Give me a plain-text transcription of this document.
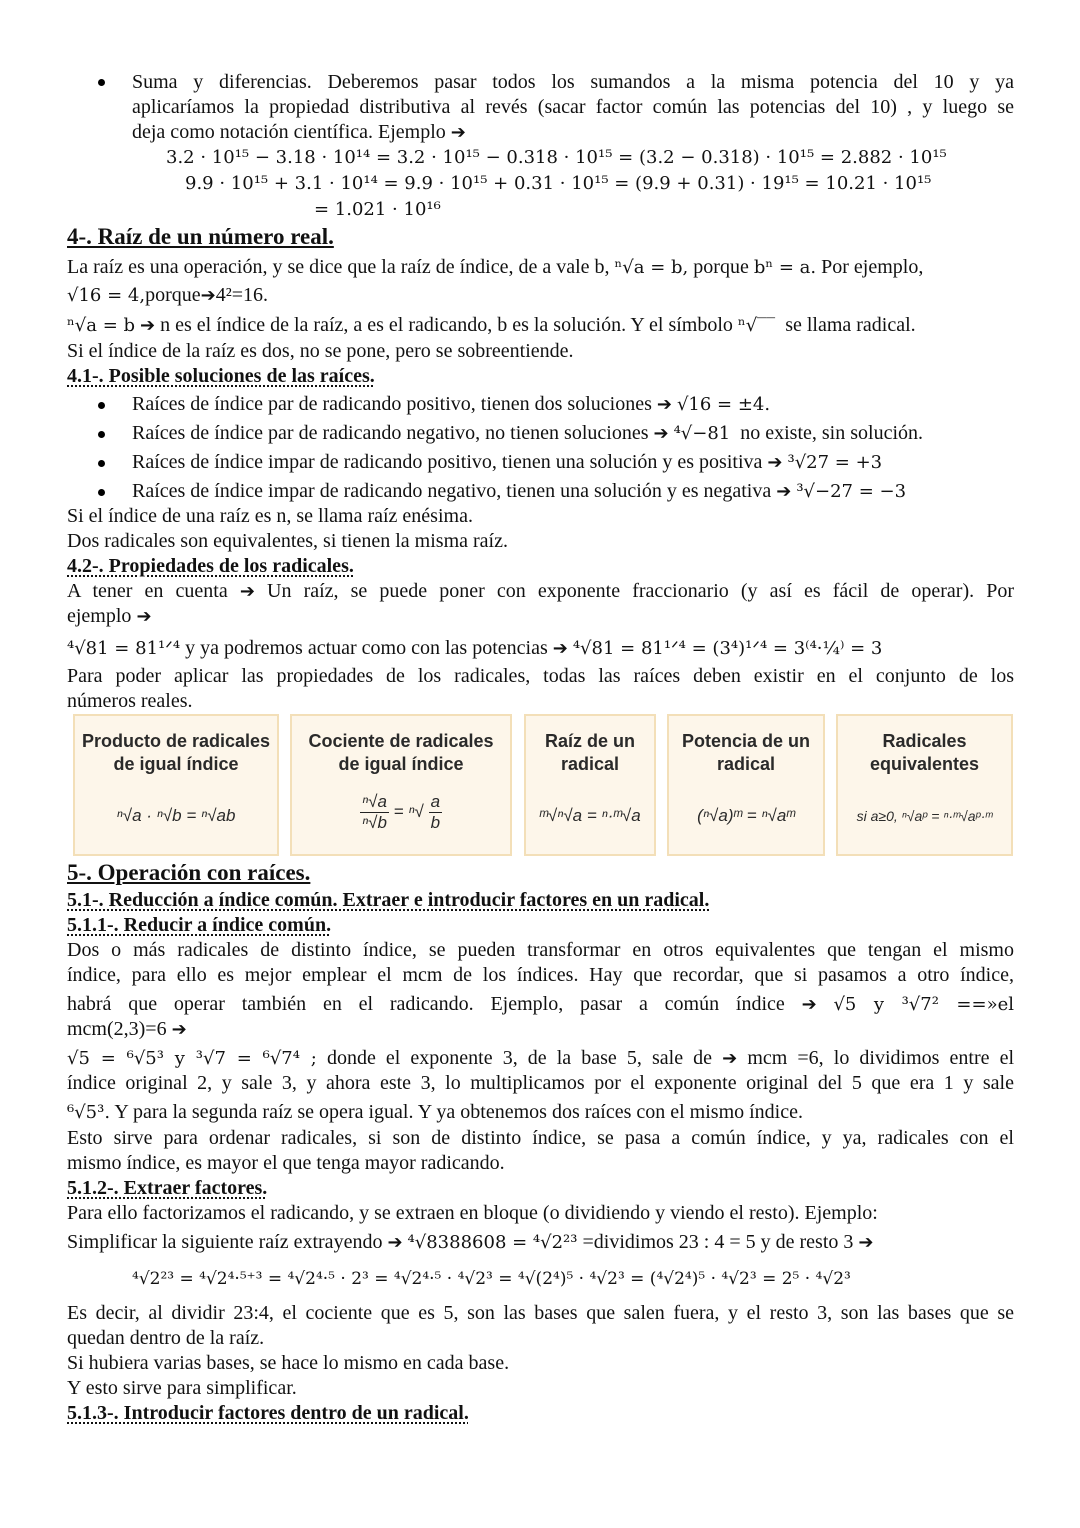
Suma y diferencias. Deberemos pasar todos los sumandos a la misma potencia del 10 y ya
aplicaríamos la propiedad distributiva al revés (sacar factor común las potencias del 10) , y luego se
deja como notación científica. Ejemplo ➔
3.2 · 10¹⁵ − 3.18 · 10¹⁴ = 3.2 · 10¹⁵ − 0.318 · 10¹⁵ = (3.2 − 0.318) · 10¹⁵ = 2.882 · 10¹⁵
9.9 · 10¹⁵ + 3.1 · 10¹⁴ = 9.9 · 10¹⁵ + 0.31 · 10¹⁵ = (9.9 + 0.31) · 19¹⁵ = 10.21 · 10¹⁵
= 1.021 · 10¹⁶
4-. Raíz de un número real.
La raíz es una operación, y se dice que la raíz de índice, de a vale b, ⁿ√a = b, porque bⁿ = a. Por ejemplo,
√16 = 4,porque➔4²=16.
ⁿ√a = b ➔ n es el índice de la raíz, a es el radicando, b es la solución. Y el símbolo ⁿ√‾‾ se llama radical.
Si el índice de la raíz es dos, no se pone, pero se sobreentiende.
4.1-. Posible soluciones de las raíces.
Raíces de índice par de radicando positivo, tienen dos soluciones ➔ √16 = ±4.
Raíces de índice par de radicando negativo, no tienen soluciones ➔ ⁴√−81 no existe, sin solución.
Raíces de índice impar de radicando positivo, tienen una solución y es positiva ➔ ³√27 = +3
Raíces de índice impar de radicando negativo, tienen una solución y es negativa ➔ ³√−27 = −3
Si el índice de una raíz es n, se llama raíz enésima.
Dos radicales son equivalentes, si tienen la misma raíz.
4.2-. Propiedades de los radicales.
A tener en cuenta ➔ Un raíz, se puede poner con exponente fraccionario (y así es fácil de operar). Por
ejemplo ➔
⁴√81 = 81¹ᐟ⁴ y ya podremos actuar como con las potencias ➔ ⁴√81 = 81¹ᐟ⁴ = (3⁴)¹ᐟ⁴ = 3⁽⁴·¼⁾ = 3
Para poder aplicar las propiedades de los radicales, todas las raíces deben existir en el conjunto de los
números reales.
Producto de radicales
de igual índice
ⁿ√a · ⁿ√b = ⁿ√ab
Cociente de radicales
de igual índice
$\frac{\text{ⁿ√a}}{\text{ⁿ√b}} = ^n√ \frac{a}{b}$
Raíz de un
radical
ᵐ√ⁿ√a = ⁿ·ᵐ√a
Potencia de un
radical
(ⁿ√a)ᵐ = ⁿ√aᵐ
Radicales
equivalentes
si a≥0, ⁿ√aᵖ = ⁿ·ᵐ√aᵖ·ᵐ
5-. Operación con raíces.
5.1-. Reducción a índice común. Extraer e introducir factores en un radical.
5.1.1-. Reducir a índice común.
Dos o más radicales de distinto índice, se pueden transformar en otros equivalentes que tengan el mismo
índice, para ello es mejor emplear el mcm de los índices. Hay que recordar, que si pasamos a otro índice,
habrá que operar también en el radicando. Ejemplo, pasar a común índice ➔ √5 y ³√7² ==»el
mcm(2,3)=6 ➔
√5 = ⁶√5³ y ³√7 = ⁶√7⁴ ; donde el exponente 3, de la base 5, sale de ➔ mcm =6, lo dividimos entre el
índice original 2, y sale 3, y ahora este 3, lo multiplicamos por el exponente original del 5 que era 1 y sale
⁶√5³. Y para la segunda raíz se opera igual. Y ya obtenemos dos raíces con el mismo índice.
Esto sirve para ordenar radicales, si son de distinto índice, se pasa a común índice, y ya, radicales con el
mismo índice, es mayor el que tenga mayor radicando.
5.1.2-. Extraer factores.
Para ello factorizamos el radicando, y se extraen en bloque (o dividiendo y viendo el resto). Ejemplo:
Simplificar la siguiente raíz extrayendo ➔ ⁴√8388608 = ⁴√2²³ =dividimos 23 : 4 = 5 y de resto 3 ➔
⁴√2²³ = ⁴√2⁴·⁵⁺³ = ⁴√2⁴·⁵ · 2³ = ⁴√2⁴·⁵ · ⁴√2³ = ⁴√(2⁴)⁵ · ⁴√2³ = (⁴√2⁴)⁵ · ⁴√2³ = 2⁵ · ⁴√2³
Es decir, al dividir 23:4, el cociente que es 5, son las bases que salen fuera, y el resto 3, son las bases que se
quedan dentro de la raíz.
Si hubiera varias bases, se hace lo mismo en cada base.
Y esto sirve para simplificar.
5.1.3-. Introducir factores dentro de un radical.
